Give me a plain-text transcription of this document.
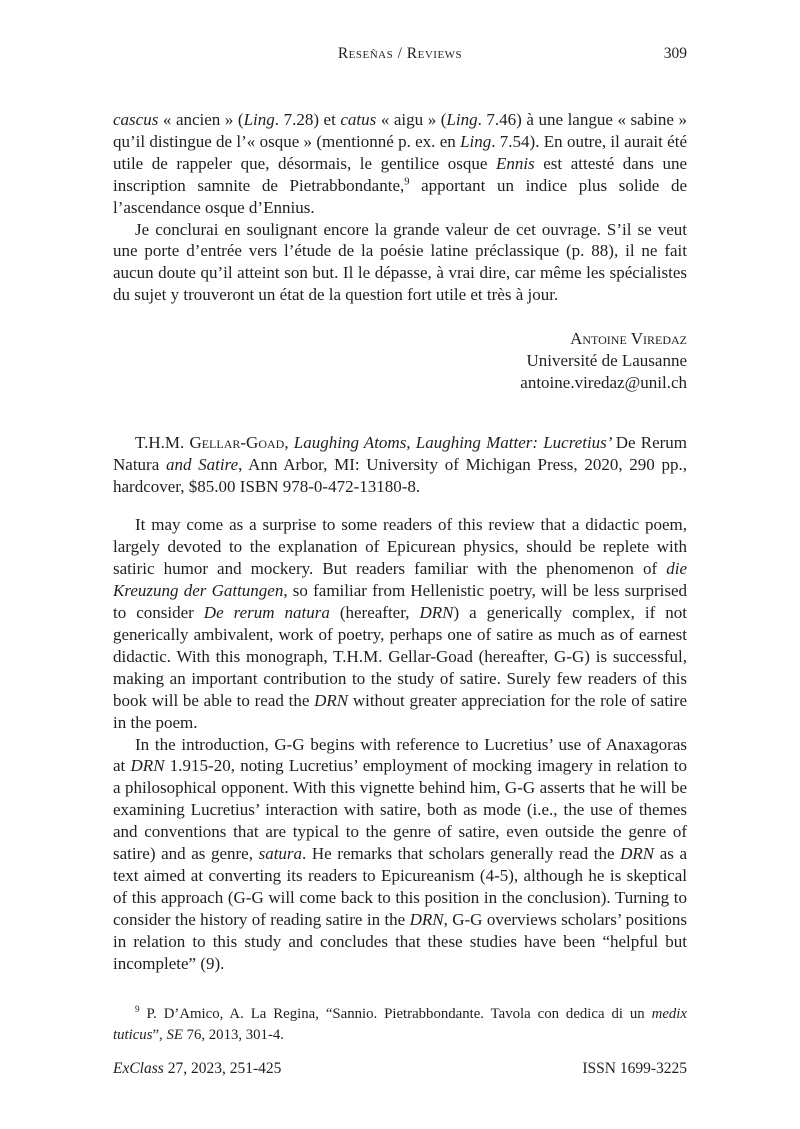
Reseñas / Reviews	309

cascus « ancien » (Ling. 7.28) et catus « aigu » (Ling. 7.46) à une langue « sabine » qu’il distingue de l’« osque » (mentionné p. ex. en Ling. 7.54). En outre, il aurait été utile de rappeler que, désormais, le gentilice osque Ennis est attesté dans une inscription samnite de Pietrabbondante,$^9$ apportant un indice plus solide de l’ascendance osque d’Ennius.

Je conclurai en soulignant encore la grande valeur de cet ouvrage. S’il se veut une porte d’entrée vers l’étude de la poésie latine préclassique (p. 88), il ne fait aucun doute qu’il atteint son but. Il le dépasse, à vrai dire, car même les spécialistes du sujet y trouveront un état de la question fort utile et très à jour.

Antoine Viredaz
Université de Lausanne
antoine.viredaz@unil.ch

T.H.M. Gellar-Goad, Laughing Atoms, Laughing Matter: Lucretius’ De Rerum Natura and Satire, Ann Arbor, MI: University of Michigan Press, 2020, 290 pp., hardcover, $85.00 ISBN 978-0-472-13180-8.

It may come as a surprise to some readers of this review that a didactic poem, largely devoted to the explanation of Epicurean physics, should be replete with satiric humor and mockery. But readers familiar with the phenomenon of die Kreuzung der Gattungen, so familiar from Hellenistic poetry, will be less surprised to consider De rerum natura (hereafter, DRN) a generically complex, if not generically ambivalent, work of poetry, perhaps one of satire as much as of earnest didactic. With this monograph, T.H.M. Gellar-Goad (hereafter, G-G) is successful, making an important contribution to the study of satire. Surely few readers of this book will be able to read the DRN without greater appreciation for the role of satire in the poem.

In the introduction, G-G begins with reference to Lucretius’ use of Anaxagoras at DRN 1.915-20, noting Lucretius’ employment of mocking imagery in relation to a philosophical opponent. With this vignette behind him, G-G asserts that he will be examining Lucretius’ interaction with satire, both as mode (i.e., the use of themes and conventions that are typical to the genre of satire, even outside the genre of satire) and as genre, satura. He remarks that scholars generally read the DRN as a text aimed at converting its readers to Epicureanism (4-5), although he is skeptical of this approach (G-G will come back to this position in the conclusion). Turning to consider the history of reading satire in the DRN, G-G overviews scholars’ positions in relation to this study and concludes that these studies have been “helpful but incomplete” (9).

$^9$ P. D’Amico, A. La Regina, “Sannio. Pietrabbondante. Tavola con dedica di un medix tuticus”, SE 76, 2013, 301-4.
ExClass 27, 2023, 251-425	ISSN 1699-3225
